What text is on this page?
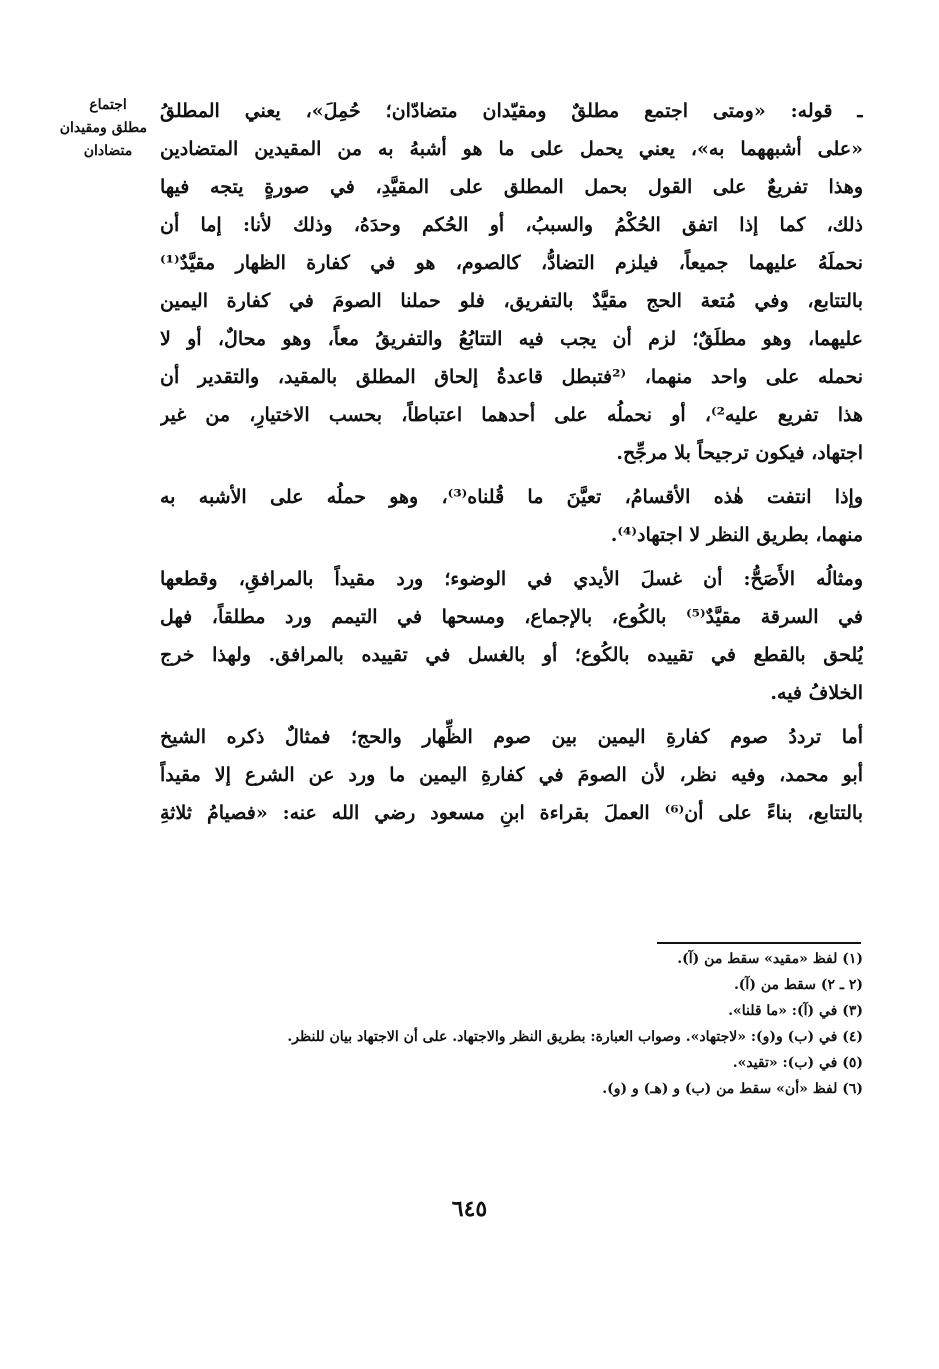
اجتماع
مطلق ومقيدان
متضادان
ـ قوله: «ومتى اجتمع مطلقٌ ومقيّدان متضادّان؛ حُمِلَ»، يعني المطلقُ
«على أشبههما به»، يعني يحمل على ما هو أشبهُ به من المقيدين المتضادين
وهذا تفريعٌ على القول بحمل المطلق على المقيَّدِ، في صورةٍ يتجه فيها
ذلك، كما إذا اتفق الحُكْمُ والسببُ، أو الحُكم وحدَهُ، وذلك لأنا: إما أن
نحملَهُ عليهما جميعاً، فيلزم التضادُّ، كالصوم، هو في كفارة الظهار مقيَّدٌ⁽¹⁾
بالتتابع، وفي مُتعة الحج مقيَّدٌ بالتفريق، فلو حملنا الصومَ في كفارة اليمين
عليهما، وهو مطلَقٌ؛ لزم أن يجب فيه التتابُعُ والتفريقُ معاً، وهو محالٌ، أو لا
نحمله على واحد منهما، ⁽²فتبطل قاعدةُ إلحاق المطلق بالمقيد، والتقدير أن
هذا تفريع عليه²⁾، أو نحملُه على أحدهما اعتباطاً، بحسب الاختيارِ، من غير
اجتهاد، فيكون ترجيحاً بلا مرجِّح.
وإذا انتفت هٰذه الأقسامُ، تعيَّنَ ما قُلناه⁽³⁾، وهو حملُه على الأشبه به
منهما، بطريق النظر لا اجتهاد⁽⁴⁾.
ومثالُه الأَصَحُّ: أن غسلَ الأيدي في الوضوء؛ ورد مقيداً بالمرافقِ، وقطعها
في السرقة مقيَّدٌ⁽⁵⁾ بالكُوع، بالإجماع، ومسحها في التيمم ورد مطلقاً، فهل
يُلحق بالقطع في تقييده بالكُوع؛ أو بالغسل في تقييده بالمرافق. ولهذا خرج
الخلافُ فيه.
أما ترددُ صوم كفارةِ اليمين بين صوم الظِّهار والحج؛ فمثالٌ ذكره الشيخ
أبو محمد، وفيه نظر، لأن الصومَ في كفارةِ اليمين ما ورد عن الشرع إلا مقيداً
بالتتابع، بناءً على أن⁽⁶⁾ العملَ بقراءة ابنِ مسعود رضي الله عنه: «فصيامُ ثلاثةِ
(١) لفظ «مقيد» سقط من (آ).
(٢ ـ ٢) سقط من (آ).
(٣) في (آ): «ما قلنا».
(٤) في (ب) و(و): «لاجتهاد». وصواب العبارة: بطريق النظر والاجتهاد. على أن الاجتهاد بيان للنظر.
(٥) في (ب): «تقيد».
(٦) لفظ «أن» سقط من (ب) و (هـ) و (و).
٦٤٥
